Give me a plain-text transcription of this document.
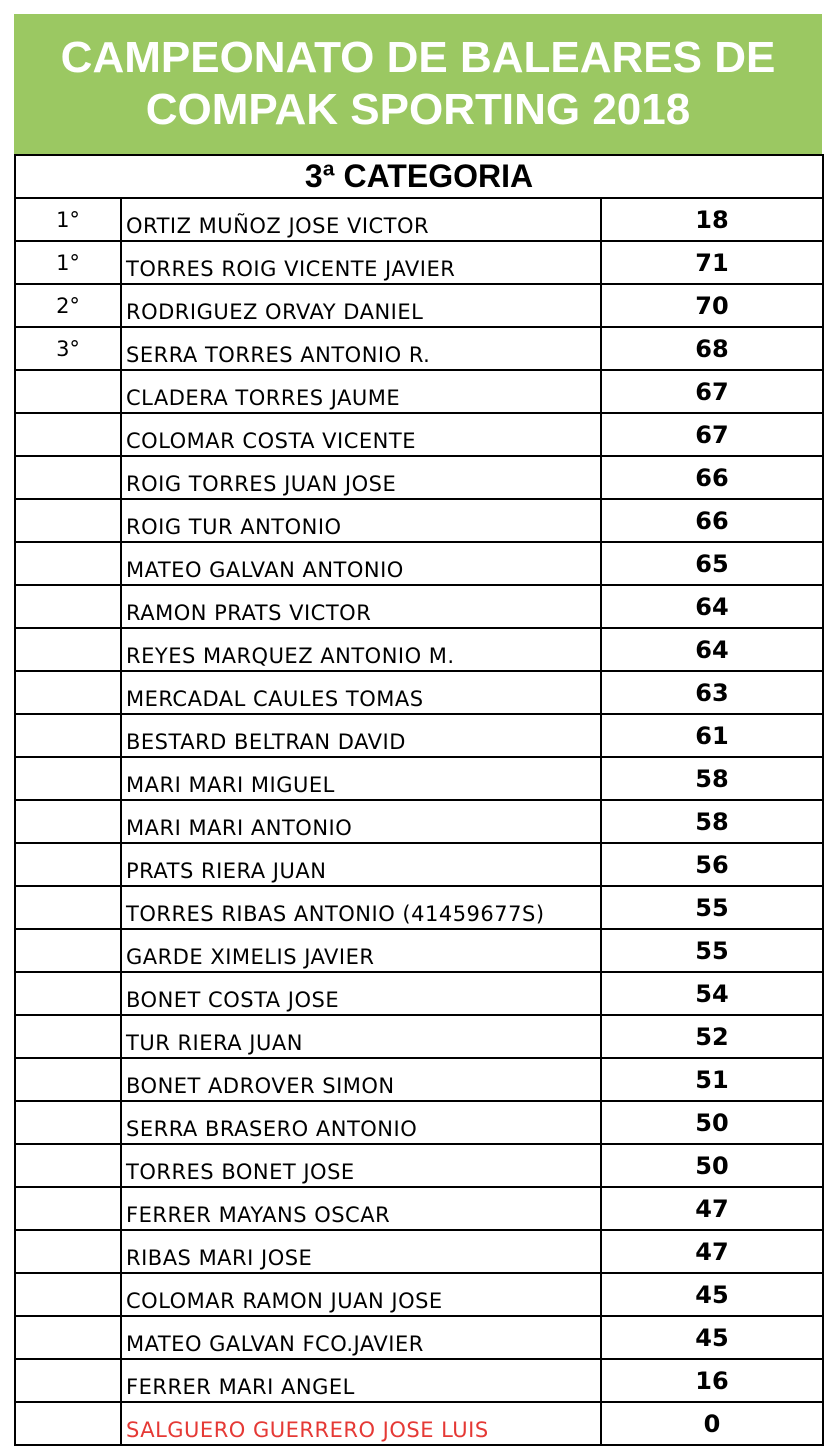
CAMPEONATO DE BALEARES DE
COMPAK SPORTING 2018
3ª CATEGORIA		
1°	ORTIZ MUÑOZ JOSE VICTOR	18
1°	TORRES ROIG VICENTE JAVIER	71
2°	RODRIGUEZ ORVAY DANIEL	70
3°	SERRA TORRES ANTONIO R.	68
	CLADERA TORRES JAUME	67
	COLOMAR COSTA VICENTE	67
	ROIG TORRES JUAN JOSE	66
	ROIG TUR ANTONIO	66
	MATEO GALVAN ANTONIO	65
	RAMON PRATS VICTOR	64
	REYES MARQUEZ ANTONIO M.	64
	MERCADAL CAULES TOMAS	63
	BESTARD BELTRAN DAVID	61
	MARI MARI MIGUEL	58
	MARI MARI ANTONIO	58
	PRATS RIERA JUAN	56
	TORRES RIBAS ANTONIO (41459677S)	55
	GARDE XIMELIS JAVIER	55
	BONET COSTA JOSE	54
	TUR RIERA JUAN	52
	BONET ADROVER SIMON	51
	SERRA BRASERO ANTONIO	50
	TORRES BONET JOSE	50
	FERRER MAYANS OSCAR	47
	RIBAS MARI JOSE	47
	COLOMAR RAMON JUAN JOSE	45
	MATEO GALVAN FCO.JAVIER	45
	FERRER MARI ANGEL	16
	SALGUERO GUERRERO JOSE LUIS	0
